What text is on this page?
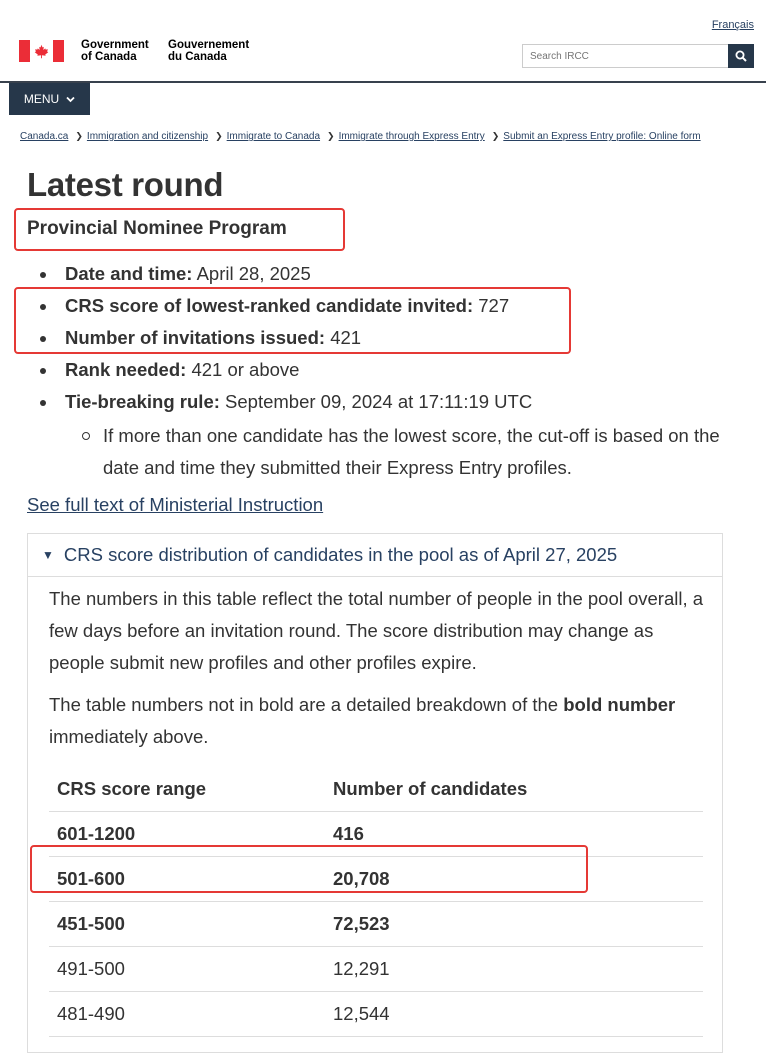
Français
Government
of Canada
Gouvernement
du Canada
Search IRCC
MENU
Canada.ca ❯ Immigration and citizenship ❯ Immigrate to Canada ❯ Immigrate through Express Entry ❯ Submit an Express Entry profile: Online form
Latest round
Provincial Nominee Program
Date and time: April 28, 2025
CRS score of lowest-ranked candidate invited: 727
Number of invitations issued: 421
Rank needed: 421 or above
Tie-breaking rule: September 09, 2024 at 17:11:19 UTC
If more than one candidate has the lowest score, the cut-off is based on the date and time they submitted their Express Entry profiles.
See full text of Ministerial Instruction
▼ CRS score distribution of candidates in the pool as of April 27, 2025
The numbers in this table reflect the total number of people in the pool overall, a few days before an invitation round. The score distribution may change as people submit new profiles and other profiles expire.
The table numbers not in bold are a detailed breakdown of the bold number immediately above.
CRS score range	Number of candidates
601-1200	416
501-600	20,708
451-500	72,523
491-500	12,291
481-490	12,544
